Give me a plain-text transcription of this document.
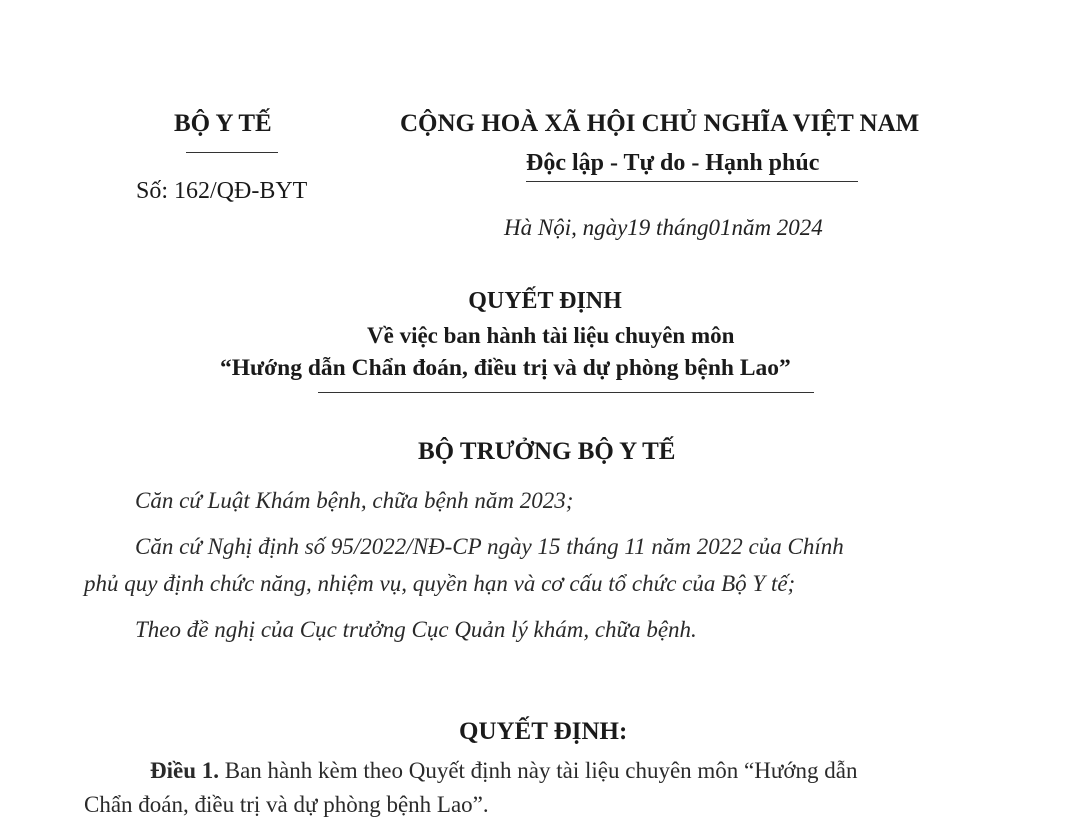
BỘ Y TẾ
Số: 162/QĐ-BYT
CỘNG HOÀ XÃ HỘI CHỦ NGHĨA VIỆT NAM
Độc lập - Tự do - Hạnh phúc
Hà Nội, ngày19 tháng01năm 2024
QUYẾT ĐỊNH
Về việc ban hành tài liệu chuyên môn
“Hướng dẫn Chẩn đoán, điều trị và dự phòng bệnh Lao”
BỘ TRƯỞNG BỘ Y TẾ
Căn cứ Luật Khám bệnh, chữa bệnh năm 2023;
Căn cứ Nghị định số 95/2022/NĐ-CP ngày 15 tháng 11 năm 2022 của Chính
phủ quy định chức năng, nhiệm vụ, quyền hạn và cơ cấu tổ chức của Bộ Y tế;
Theo đề nghị của Cục trưởng Cục Quản lý khám, chữa bệnh.
QUYẾT ĐỊNH:
Điều 1. Ban hành kèm theo Quyết định này tài liệu chuyên môn “Hướng dẫn
Chẩn đoán, điều trị và dự phòng bệnh Lao”.
